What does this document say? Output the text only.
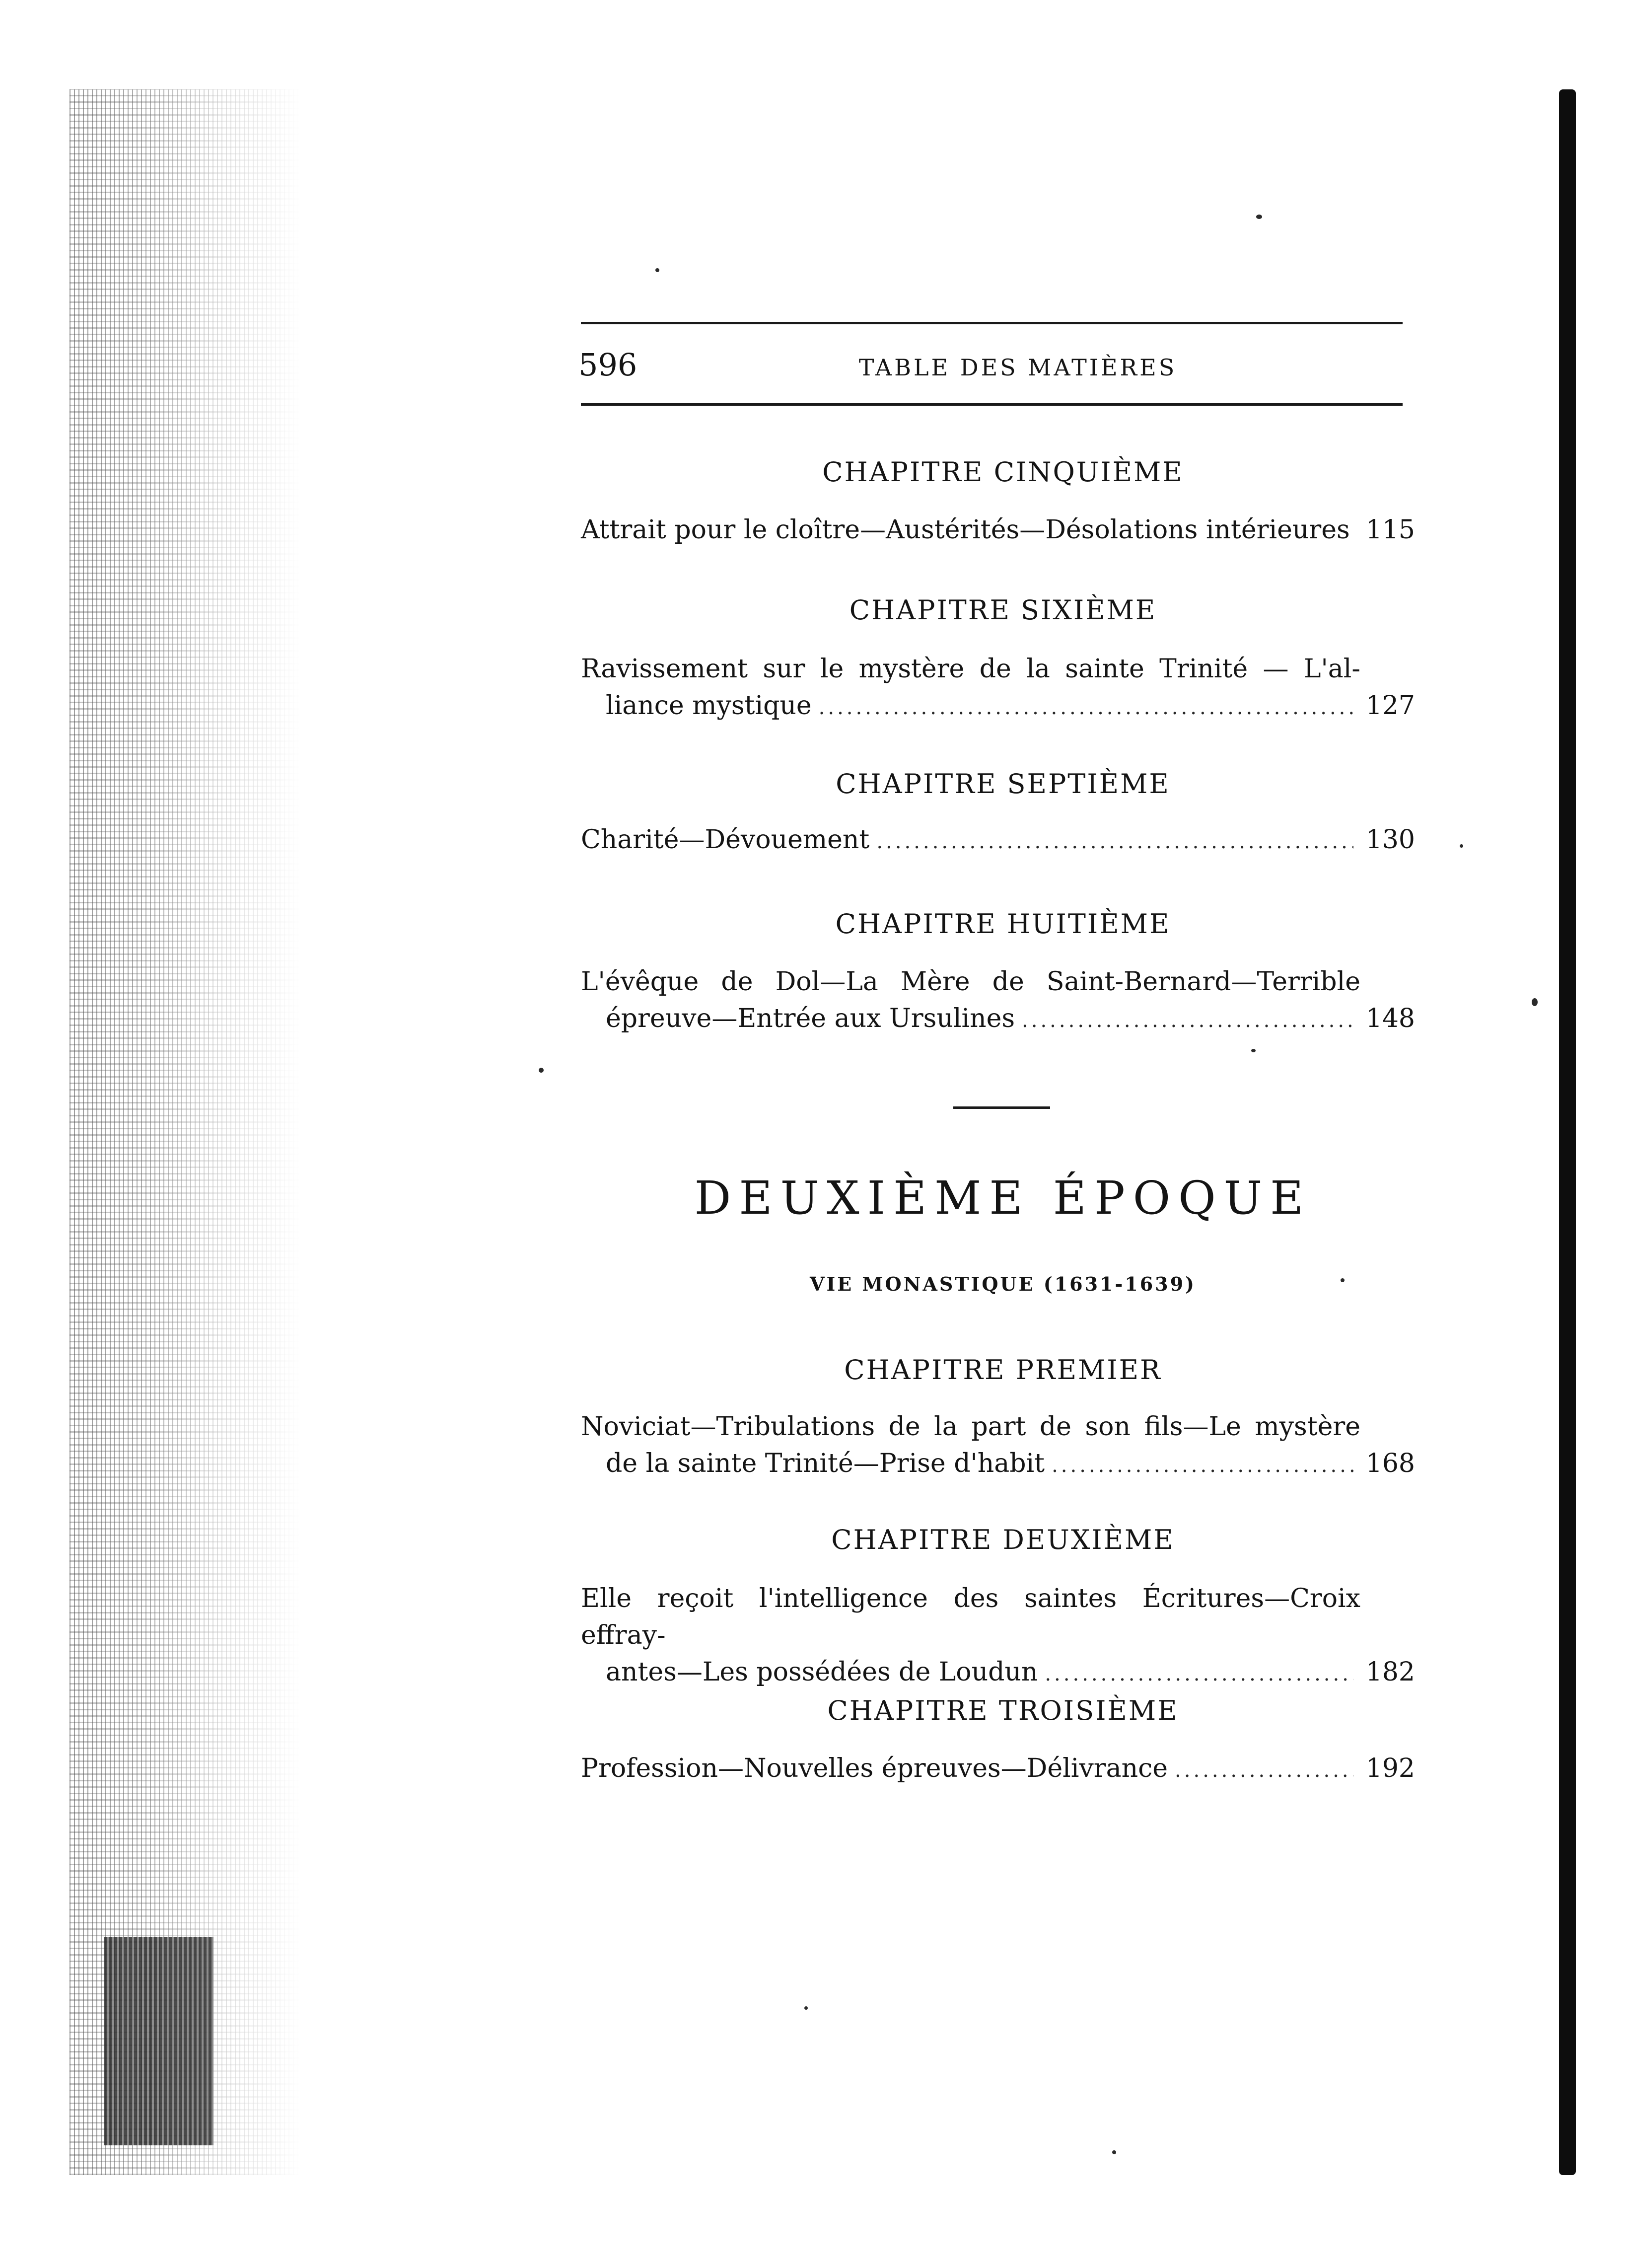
596	TABLE DES MATIÈRES
CHAPITRE CINQUIÈME
Attrait pour le cloître—Austérités—Désolations intérieures 115
CHAPITRE SIXIÈME
Ravissement sur le mystère de la sainte Trinité — L'al-
liance mystique .....	127
CHAPITRE SEPTIÈME
Charité—Dévouement .....	130
CHAPITRE HUITIÈME
L'évêque de Dol—La Mère de Saint-Bernard—Terrible
épreuve—Entrée aux Ursulines .....	148
DEUXIÈME ÉPOQUE
VIE MONASTIQUE (1631-1639)
CHAPITRE PREMIER
Noviciat—Tribulations de la part de son fils—Le mystère
de la sainte Trinité—Prise d'habit .....	168
CHAPITRE DEUXIÈME
Elle reçoit l'intelligence des saintes Écritures—Croix effray-
antes—Les possédées de Loudun .....	182
CHAPITRE TROISIÈME
Profession—Nouvelles épreuves—Délivrance .....	192
